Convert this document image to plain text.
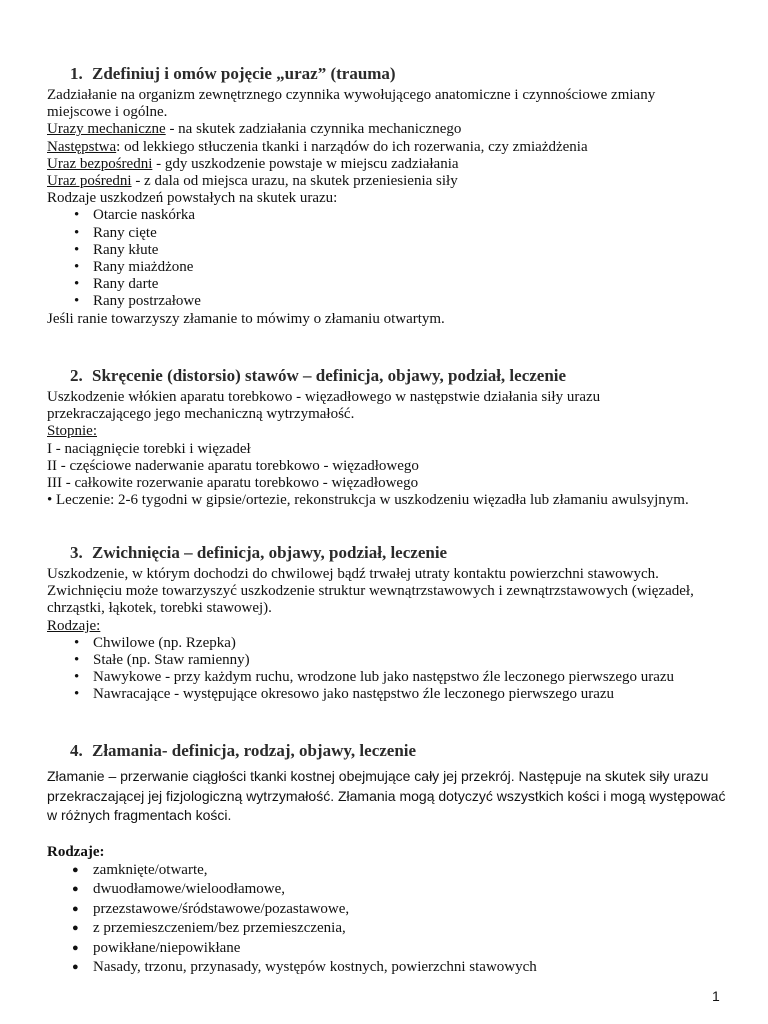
1. Zdefiniuj i omów pojęcie „uraz” (trauma)
Zadziałanie na organizm zewnętrznego czynnika wywołującego anatomiczne i czynnościowe zmiany miejscowe i ogólne.
Urazy mechaniczne - na skutek zadziałania czynnika mechanicznego
Następstwa: od lekkiego stłuczenia tkanki i narządów do ich rozerwania, czy zmiażdżenia
Uraz bezpośredni - gdy uszkodzenie powstaje w miejscu zadziałania
Uraz pośredni - z dala od miejsca urazu, na skutek przeniesienia siły
Rodzaje uszkodzeń powstałych na skutek urazu:
• Otarcie naskórka
• Rany cięte
• Rany kłute
• Rany miażdżone
• Rany darte
• Rany postrzałowe
Jeśli ranie towarzyszy złamanie to mówimy o złamaniu otwartym.
2. Skręcenie (distorsio) stawów – definicja, objawy, podział, leczenie
Uszkodzenie włókien aparatu torebkowo - więzadłowego w następstwie działania siły urazu przekraczającego jego mechaniczną wytrzymałość.
Stopnie:
I - naciągnięcie torebki i więzadeł
II - częściowe naderwanie aparatu torebkowo - więzadłowego
III - całkowite rozerwanie aparatu torebkowo - więzadłowego
• Leczenie: 2-6 tygodni w gipsie/ortezie, rekonstrukcja w uszkodzeniu więzadła lub złamaniu awulsyjnym.
3. Zwichnięcia – definicja, objawy, podział, leczenie
Uszkodzenie, w którym dochodzi do chwilowej bądź trwałej utraty kontaktu powierzchni stawowych.
Zwichnięciu może towarzyszyć uszkodzenie struktur wewnątrzstawowych i zewnątrzstawowych (więzadeł, chrząstki, łąkotek, torebki stawowej).
Rodzaje:
• Chwilowe (np. Rzepka)
• Stałe (np. Staw ramienny)
• Nawykowe - przy każdym ruchu, wrodzone lub jako następstwo źle leczonego pierwszego urazu
• Nawracające - występujące okresowo jako następstwo źle leczonego pierwszego urazu
4. Złamania- definicja, rodzaj, objawy, leczenie
Złamanie – przerwanie ciągłości tkanki kostnej obejmujące cały jej przekrój. Następuje na skutek siły urazu przekraczającej jej fizjologiczną wytrzymałość. Złamania mogą dotyczyć wszystkich kości i mogą występować w różnych fragmentach kości.
Rodzaje:
● zamknięte/otwarte,
● dwuodłamowe/wieloodłamowe,
● przezstawowe/śródstawowe/pozastawowe,
● z przemieszczeniem/bez przemieszczenia,
● powikłane/niepowikłane
● Nasady, trzonu, przynasady, występów kostnych, powierzchni stawowych
1
